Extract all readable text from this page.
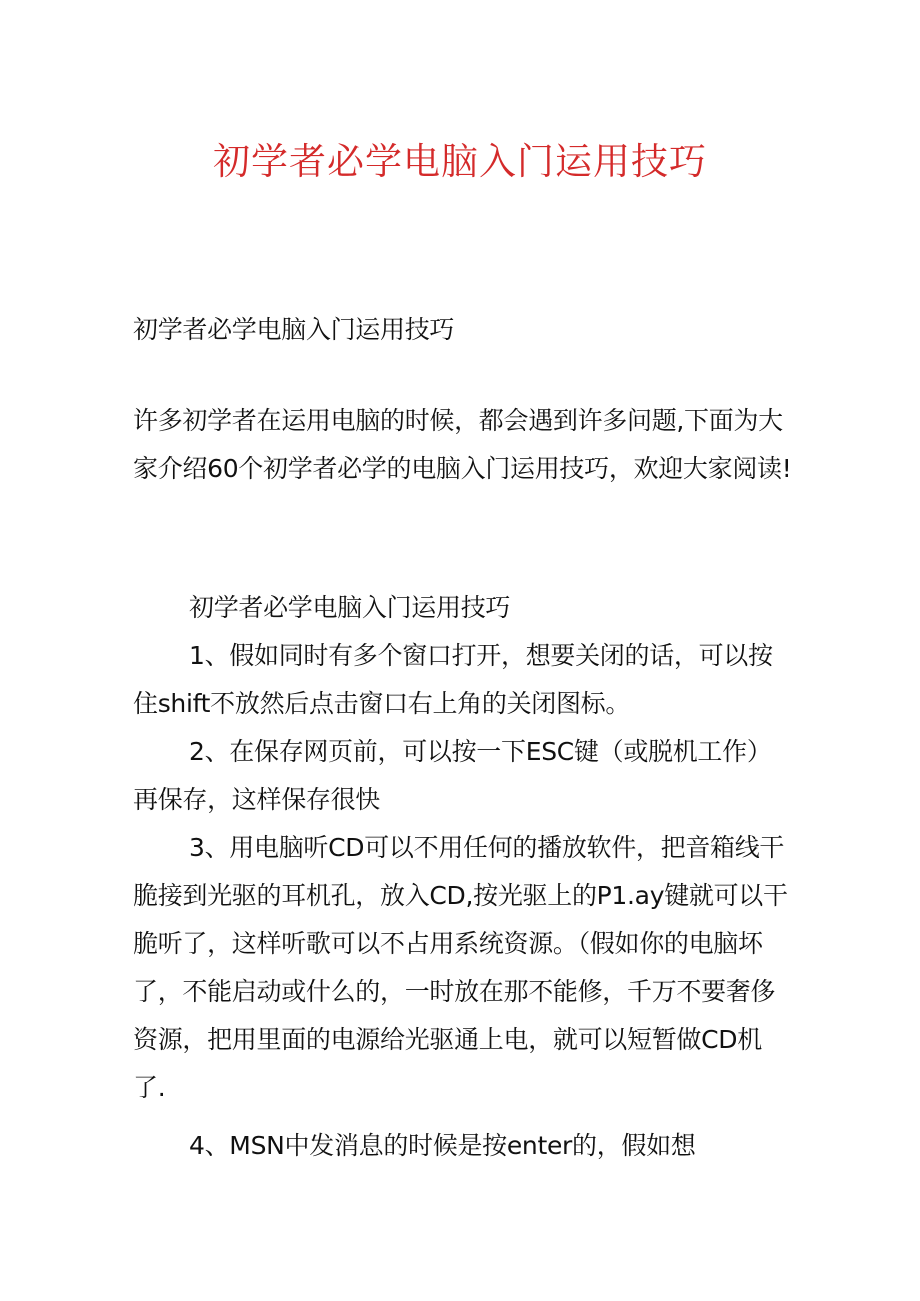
初学者必学电脑入门运用技巧

初学者必学电脑入门运用技巧

许多初学者在运用电脑的时候，都会遇到许多问题,下面为大家介绍60个初学者必学的电脑入门运用技巧，欢迎大家阅读!

初学者必学电脑入门运用技巧

1、假如同时有多个窗口打开，想要关闭的话，可以按住shift不放然后点击窗口右上角的关闭图标。

2、在保存网页前，可以按一下ESC键（或脱机工作）再保存，这样保存很快

3、用电脑听CD可以不用任何的播放软件，把音箱线干脆接到光驱的耳机孔，放入CD,按光驱上的P1.ay键就可以干脆听了，这样听歌可以不占用系统资源。（假如你的电脑坏了，不能启动或什么的，一时放在那不能修，千万不要奢侈资源，把用里面的电源给光驱通上电，就可以短暂做CD机了.

4、MSN中发消息的时候是按enter的，假如想
